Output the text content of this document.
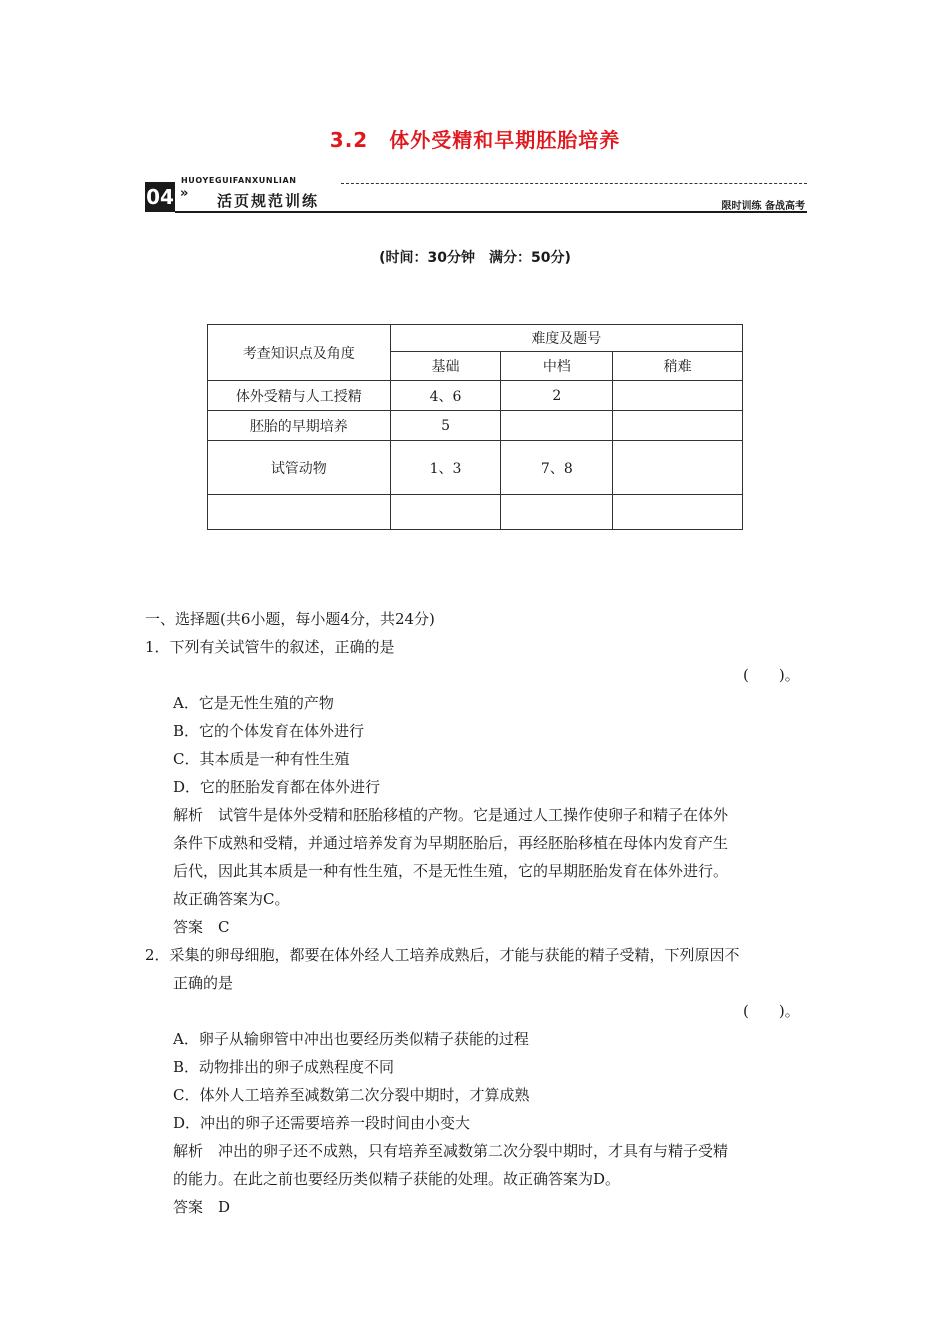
3.2　体外受精和早期胚胎培养
04
HUOYEGUIFANXUNLIAN
» 活页规范训练	限时训练 备战高考
(时间：30分钟　满分：50分)
考查知识点及角度	难度及题号		
	基础	中档	稍难
体外受精与人工授精	4、6	2	
胚胎的早期培养	5		
试管动物	1、3	7、8	

一、选择题(共6小题，每小题4分，共24分)
1．下列有关试管牛的叙述，正确的是
(　　)。
A．它是无性生殖的产物
B．它的个体发育在体外进行
C．其本质是一种有性生殖
D．它的胚胎发育都在体外进行
解析　试管牛是体外受精和胚胎移植的产物。它是通过人工操作使卵子和精子在体外
条件下成熟和受精，并通过培养发育为早期胚胎后，再经胚胎移植在母体内发育产生
后代，因此其本质是一种有性生殖，不是无性生殖，它的早期胚胎发育在体外进行。
故正确答案为C。
答案　C
2．采集的卵母细胞，都要在体外经人工培养成熟后，才能与获能的精子受精，下列原因不
正确的是
(　　)。
A．卵子从输卵管中冲出也要经历类似精子获能的过程
B．动物排出的卵子成熟程度不同
C．体外人工培养至减数第二次分裂中期时，才算成熟
D．冲出的卵子还需要培养一段时间由小变大
解析　冲出的卵子还不成熟，只有培养至减数第二次分裂中期时，才具有与精子受精
的能力。在此之前也要经历类似精子获能的处理。故正确答案为D。
答案　D
